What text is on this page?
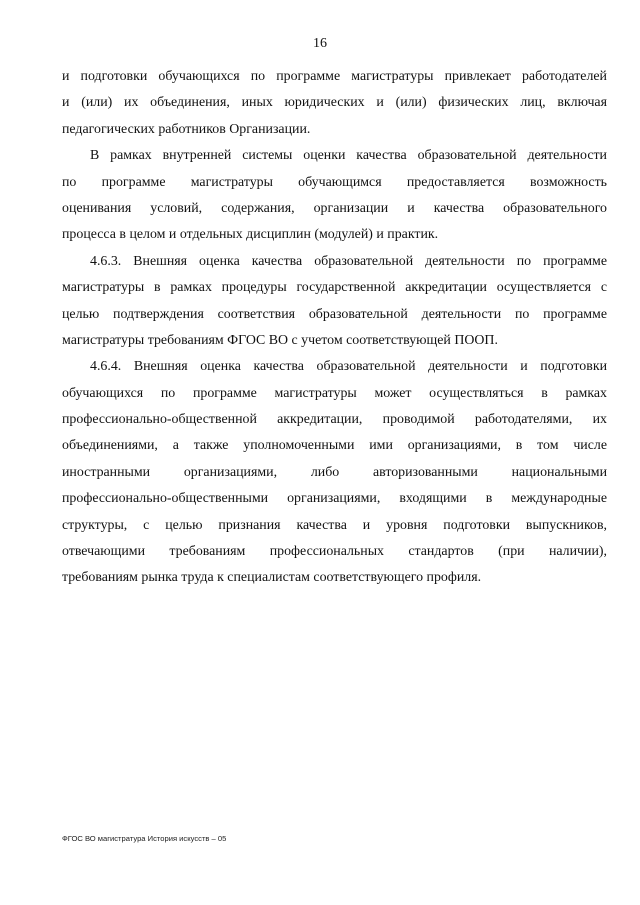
16

и подготовки обучающихся по программе магистратуры привлекает работодателей
и (или) их объединения, иных юридических и (или) физических лиц, включая
педагогических работников Организации.

В рамках внутренней системы оценки качества образовательной деятельности
по программе магистратуры обучающимся предоставляется возможность
оценивания условий, содержания, организации и качества образовательного
процесса в целом и отдельных дисциплин (модулей) и практик.

4.6.3. Внешняя оценка качества образовательной деятельности по программе
магистратуры в рамках процедуры государственной аккредитации осуществляется с
целью подтверждения соответствия образовательной деятельности по программе
магистратуры требованиям ФГОС ВО с учетом соответствующей ПООП.

4.6.4. Внешняя оценка качества образовательной деятельности и подготовки
обучающихся по программе магистратуры может осуществляться в рамках
профессионально-общественной аккредитации, проводимой работодателями, их
объединениями, а также уполномоченными ими организациями, в том числе
иностранными организациями, либо авторизованными национальными
профессионально-общественными организациями, входящими в международные
структуры, с целью признания качества и уровня подготовки выпускников,
отвечающими требованиям профессиональных стандартов (при наличии),
требованиям рынка труда к специалистам соответствующего профиля.

ФГОС ВО магистратура История искусств – 05
